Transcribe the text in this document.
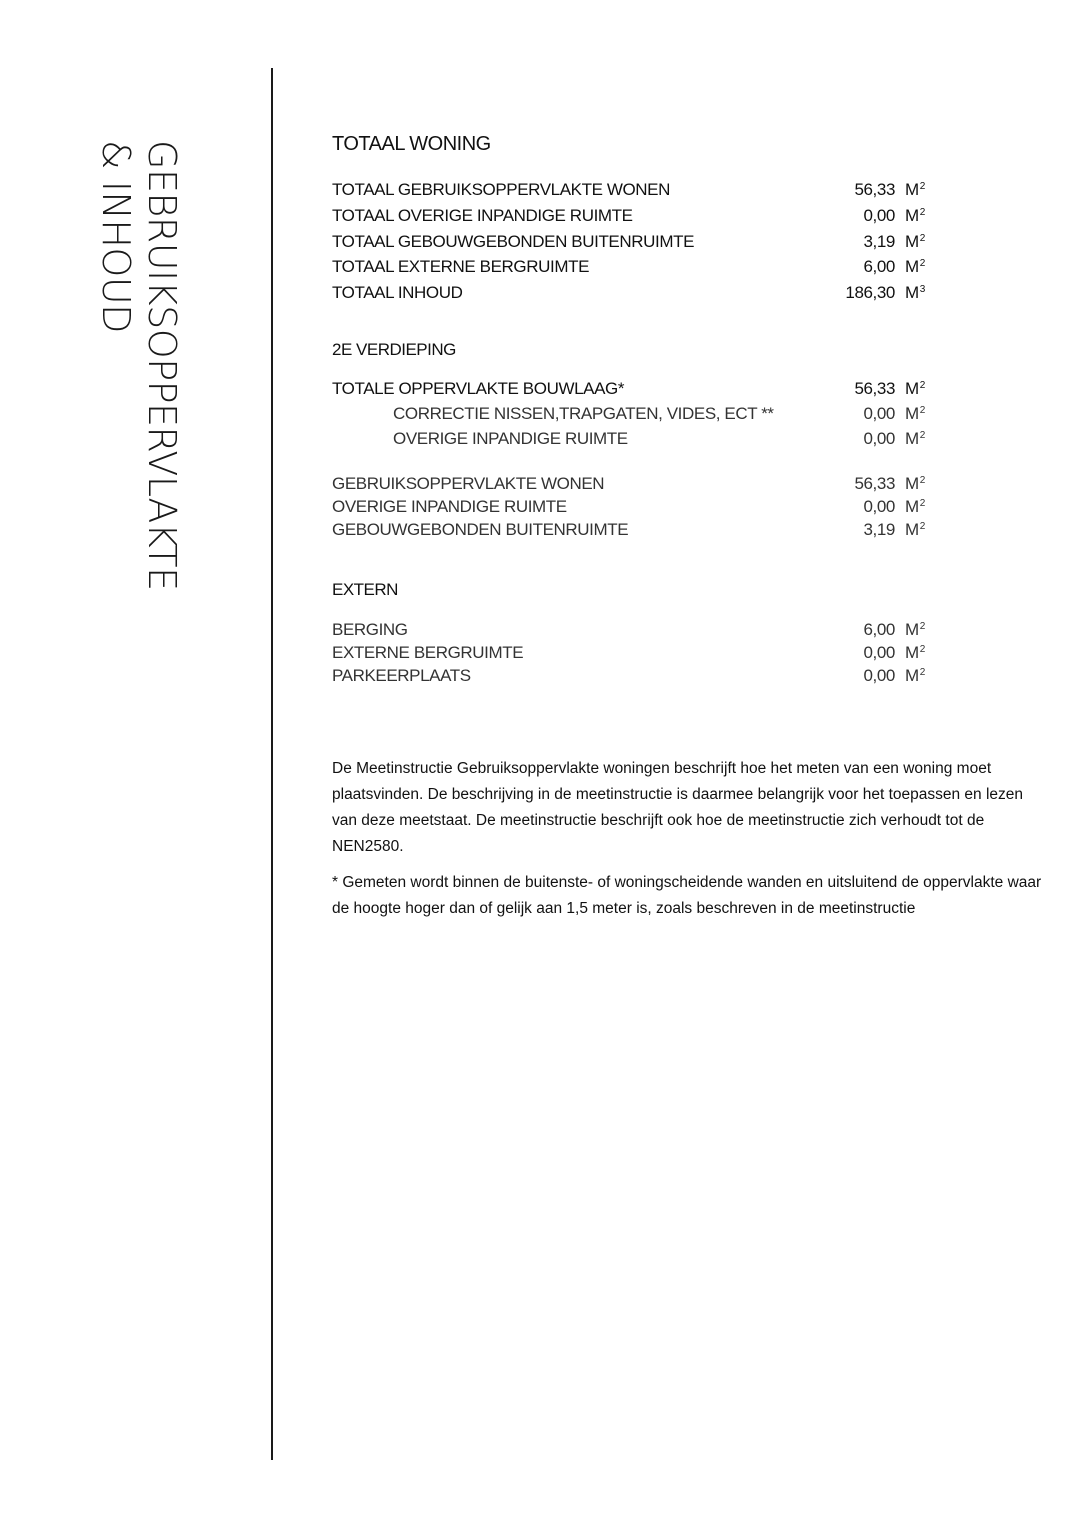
GEBRUIKSOPPERVLAKTE
& INHOUD	TOTAAL WONING
TOTAAL GEBRUIKSOPPERVLAKTE WONEN	56,33 $M^2$
TOTAAL OVERIGE INPANDIGE RUIMTE	0,00 $M^2$
TOTAAL GEBOUWGEBONDEN BUITENRUIMTE	3,19 $M^2$
TOTAAL EXTERNE BERGRUIMTE	6,00 $M^2$
TOTAAL INHOUD	186,30 $M^3$
2E VERDIEPING
TOTALE OPPERVLAKTE BOUWLAAG*	56,33 $M^2$
CORRECTIE NISSEN,TRAPGATEN, VIDES, ECT **	0,00 $M^2$
OVERIGE INPANDIGE RUIMTE	0,00 $M^2$
GEBRUIKSOPPERVLAKTE WONEN	56,33 $M^2$
OVERIGE INPANDIGE RUIMTE	0,00 $M^2$
GEBOUWGEBONDEN BUITENRUIMTE	3,19 $M^2$
EXTERN
BERGING	6,00 $M^2$
EXTERNE BERGRUIMTE	0,00 $M^2$
PARKEERPLAATS	0,00 $M^2$

De Meetinstructie Gebruiksoppervlakte woningen beschrijft hoe het meten van een woning moet plaatsvinden. De beschrijving in de meetinstructie is daarmee belangrijk voor het toepassen en lezen van deze meetstaat. De meetinstructie beschrijft ook hoe de meetinstructie zich verhoudt tot de NEN2580.

* Gemeten wordt binnen de buitenste- of woningscheidende wanden en uitsluitend de oppervlakte waar de hoogte hoger dan of gelijk aan 1,5 meter is, zoals beschreven in de meetinstructie
